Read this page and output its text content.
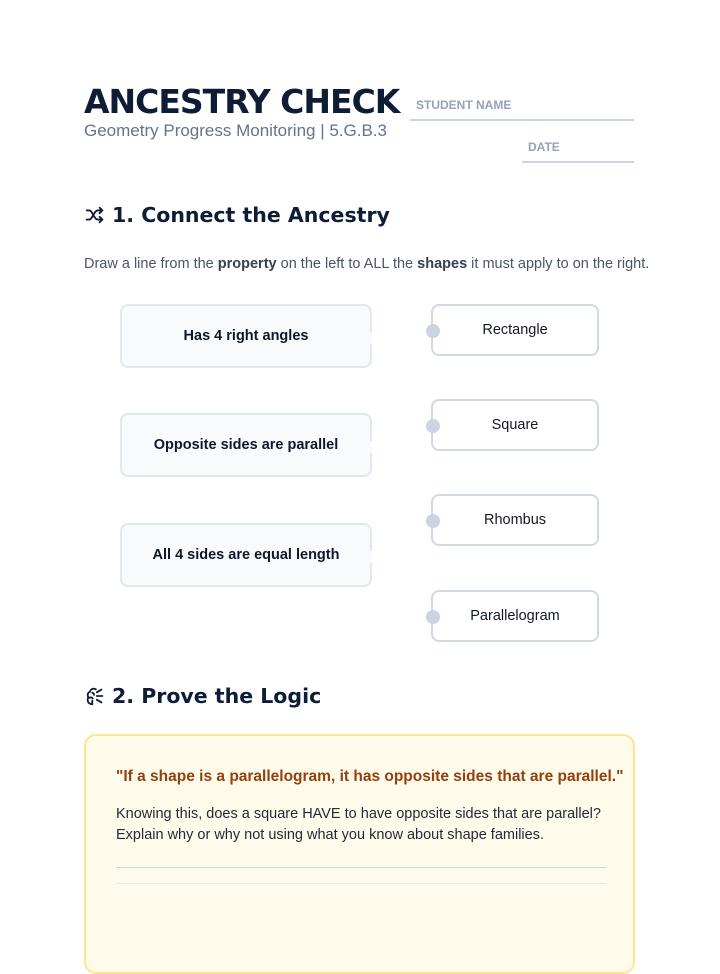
ANCESTRY CHECK
Geometry Progress Monitoring | 5.G.B.3
STUDENT NAME
DATE
1. Connect the Ancestry
Draw a line from the property on the left to ALL the shapes it must apply to on the right.
Has 4 right angles
Opposite sides are parallel
All 4 sides are equal length
Rectangle
Square
Rhombus
Parallelogram
2. Prove the Logic
"If a shape is a parallelogram, it has opposite sides that are parallel."
Knowing this, does a square HAVE to have opposite sides that are parallel? Explain why or why not using what you know about shape families.
